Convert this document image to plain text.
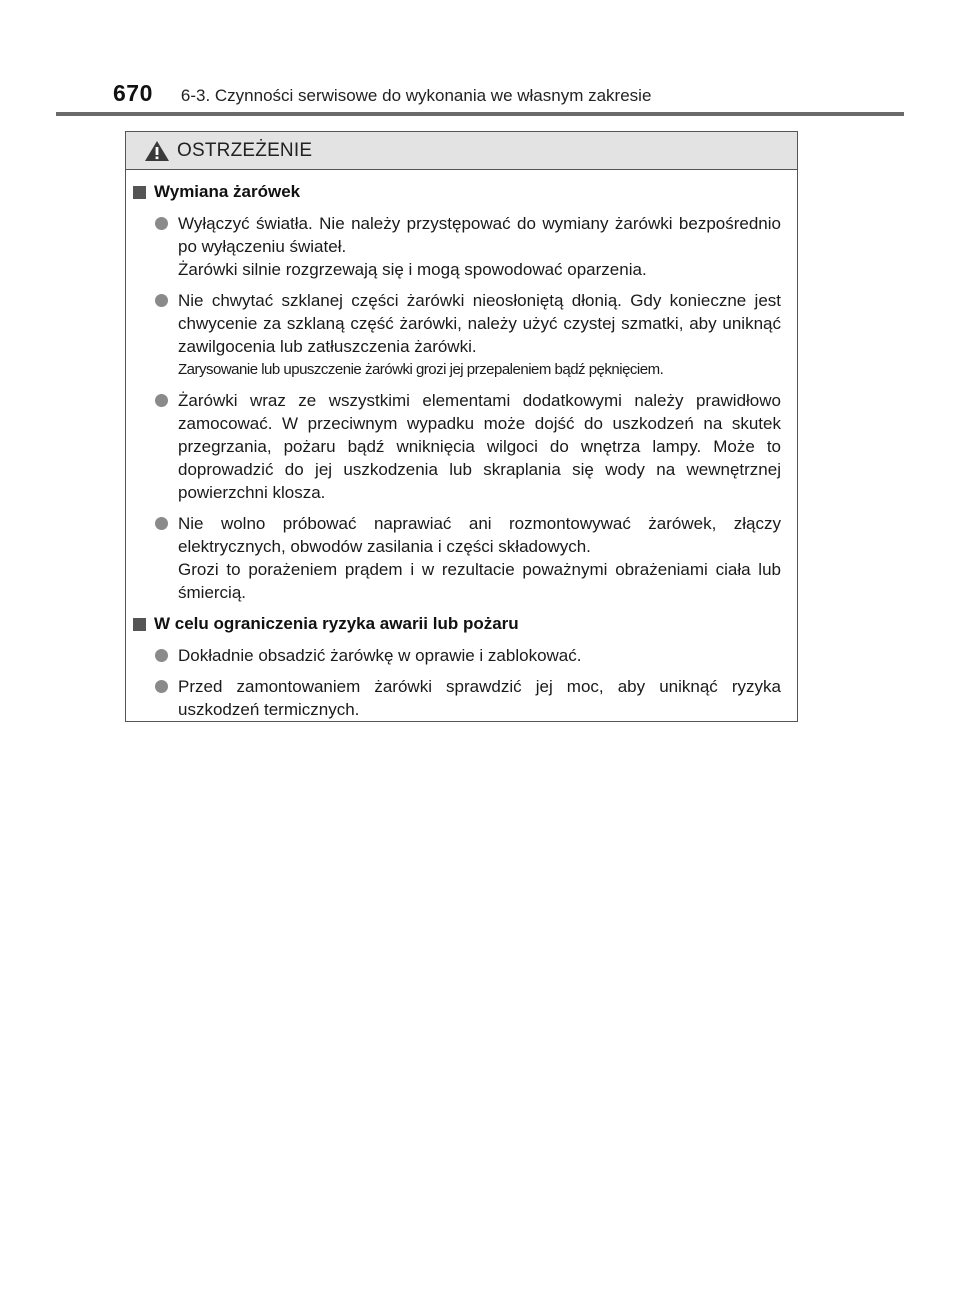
670 6-3. Czynności serwisowe do wykonania we własnym zakresie
OSTRZEŻENIE
Wymiana żarówek

Wyłączyć światła. Nie należy przystępować do wymiany żarówki bezpośrednio po wyłączeniu świateł.

Żarówki silnie rozgrzewają się i mogą spowodować oparzenia.

Nie chwytać szklanej części żarówki nieosłoniętą dłonią. Gdy konieczne jest chwycenie za szklaną część żarówki, należy użyć czystej szmatki, aby uniknąć zawilgocenia lub zatłuszczenia żarówki.

Zarysowanie lub upuszczenie żarówki grozi jej przepaleniem bądź pęknięciem.

Żarówki wraz ze wszystkimi elementami dodatkowymi należy prawidłowo zamocować. W przeciwnym wypadku może dojść do uszkodzeń na skutek przegrzania, pożaru bądź wniknięcia wilgoci do wnętrza lampy. Może to doprowadzić do jej uszkodzenia lub skraplania się wody na wewnętrznej powierzchni klosza.

Nie wolno próbować naprawiać ani rozmontowywać żarówek, złączy elektrycznych, obwodów zasilania i części składowych.

Grozi to porażeniem prądem i w rezultacie poważnymi obrażeniami ciała lub śmiercią.

W celu ograniczenia ryzyka awarii lub pożaru

Dokładnie obsadzić żarówkę w oprawie i zablokować.

Przed zamontowaniem żarówki sprawdzić jej moc, aby uniknąć ryzyka uszkodzeń termicznych.
